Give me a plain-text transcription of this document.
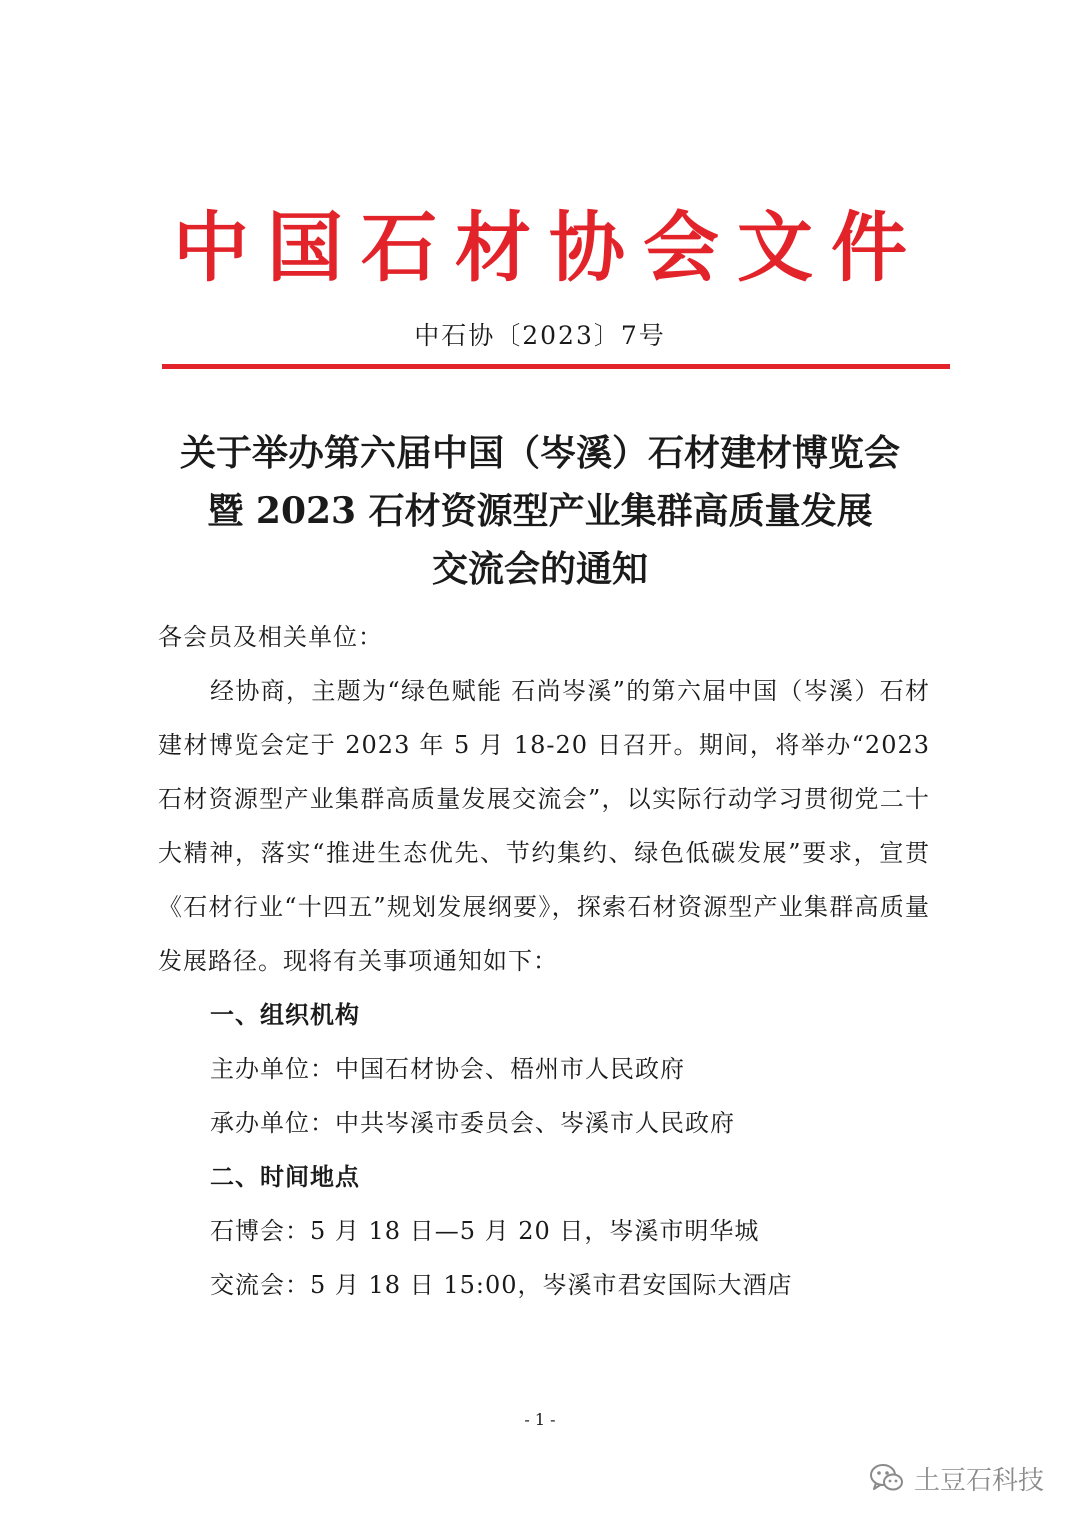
中国石材协会文件
中石协〔2023〕7号
关于举办第六届中国（岑溪）石材建材博览会
暨 2023 石材资源型产业集群高质量发展
交流会的通知

各会员及相关单位：

经协商，主题为“绿色赋能 石尚岑溪”的第六届中国（岑溪）石材建材博览会定于 2023 年 5 月 18-20 日召开。期间，将举办“2023 石材资源型产业集群高质量发展交流会”，以实际行动学习贯彻党二十大精神，落实“推进生态优先、节约集约、绿色低碳发展”要求，宣贯《石材行业“十四五”规划发展纲要》，探索石材资源型产业集群高质量发展路径。现将有关事项通知如下：

一、组织机构

主办单位：中国石材协会、梧州市人民政府

承办单位：中共岑溪市委员会、岑溪市人民政府

二、时间地点

石博会：5 月 18 日—5 月 20 日，岑溪市明华城

交流会：5 月 18 日 15:00，岑溪市君安国际大酒店

- 1 -
土豆石科技
